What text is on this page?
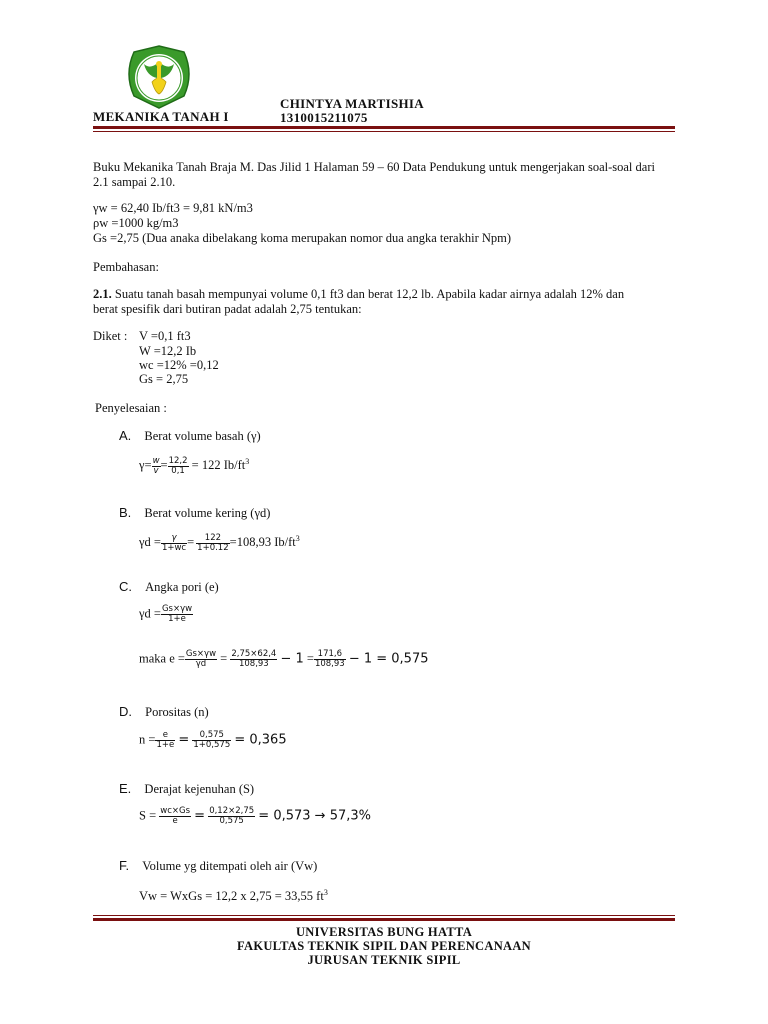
CHINTYA MARTISHIA
MEKANIKA TANAH I	1310015211075
Buku Mekanika Tanah Braja M. Das Jilid 1 Halaman 59 – 60 Data Pendukung untuk mengerjakan soal-soal dari
2.1 sampai 2.10.
γw = 62,40 Ib/ft3 = 9,81 kN/m3
ρw =1000 kg/m3
Gs =2,75 (Dua anaka dibelakang koma merupakan nomor dua angka terakhir Npm)
Pembahasan:
2.1. Suatu tanah basah mempunyai volume 0,1 ft3 dan berat 12,2 lb. Apabila kadar airnya adalah 12% dan
berat spesifik dari butiran padat adalah 2,75 tentukan:
Diket : V =0,1 ft3
W =12,2 Ib
wc =12% =0,12
Gs = 2,75
Penyelesaian :
A. Berat volume basah (γ)
$\gamma= \frac{w}{v} = \frac{12,2}{0,1} = 122$ $Ib/ft^3$
B. Berat volume kering (γd)
$\gamma d = \frac{\gamma}{1+wc} = \frac{122}{1+0.12} =108,93$ $Ib/ft^3$
C. Angka pori (e)
$\gamma d = \frac{Gs\times\gamma w}{1+e}$
maka $e = \frac{Gs\times\gamma w}{\gamma d} = \frac{2,75\times 62,4}{108,93} - 1 = \frac{171,6}{108,93} - 1 = 0,575$
D. Porositas (n)
$n = \frac{e}{1+e} = \frac{0,575}{1+0,575} = 0,365$
E. Derajat kejenuhan (S)
$S = \frac{wc\times Gs}{e} = \frac{0,12\times 2,75}{0,575} = 0,573 \to 57,3\%$
F. Volume yg ditempati oleh air (Vw)
Vw = WxGs = 12,2 x 2,75 = 33,55 $ft^3$
UNIVERSITAS BUNG HATTA
FAKULTAS TEKNIK SIPIL DAN PERENCANAAN
JURUSAN TEKNIK SIPIL
